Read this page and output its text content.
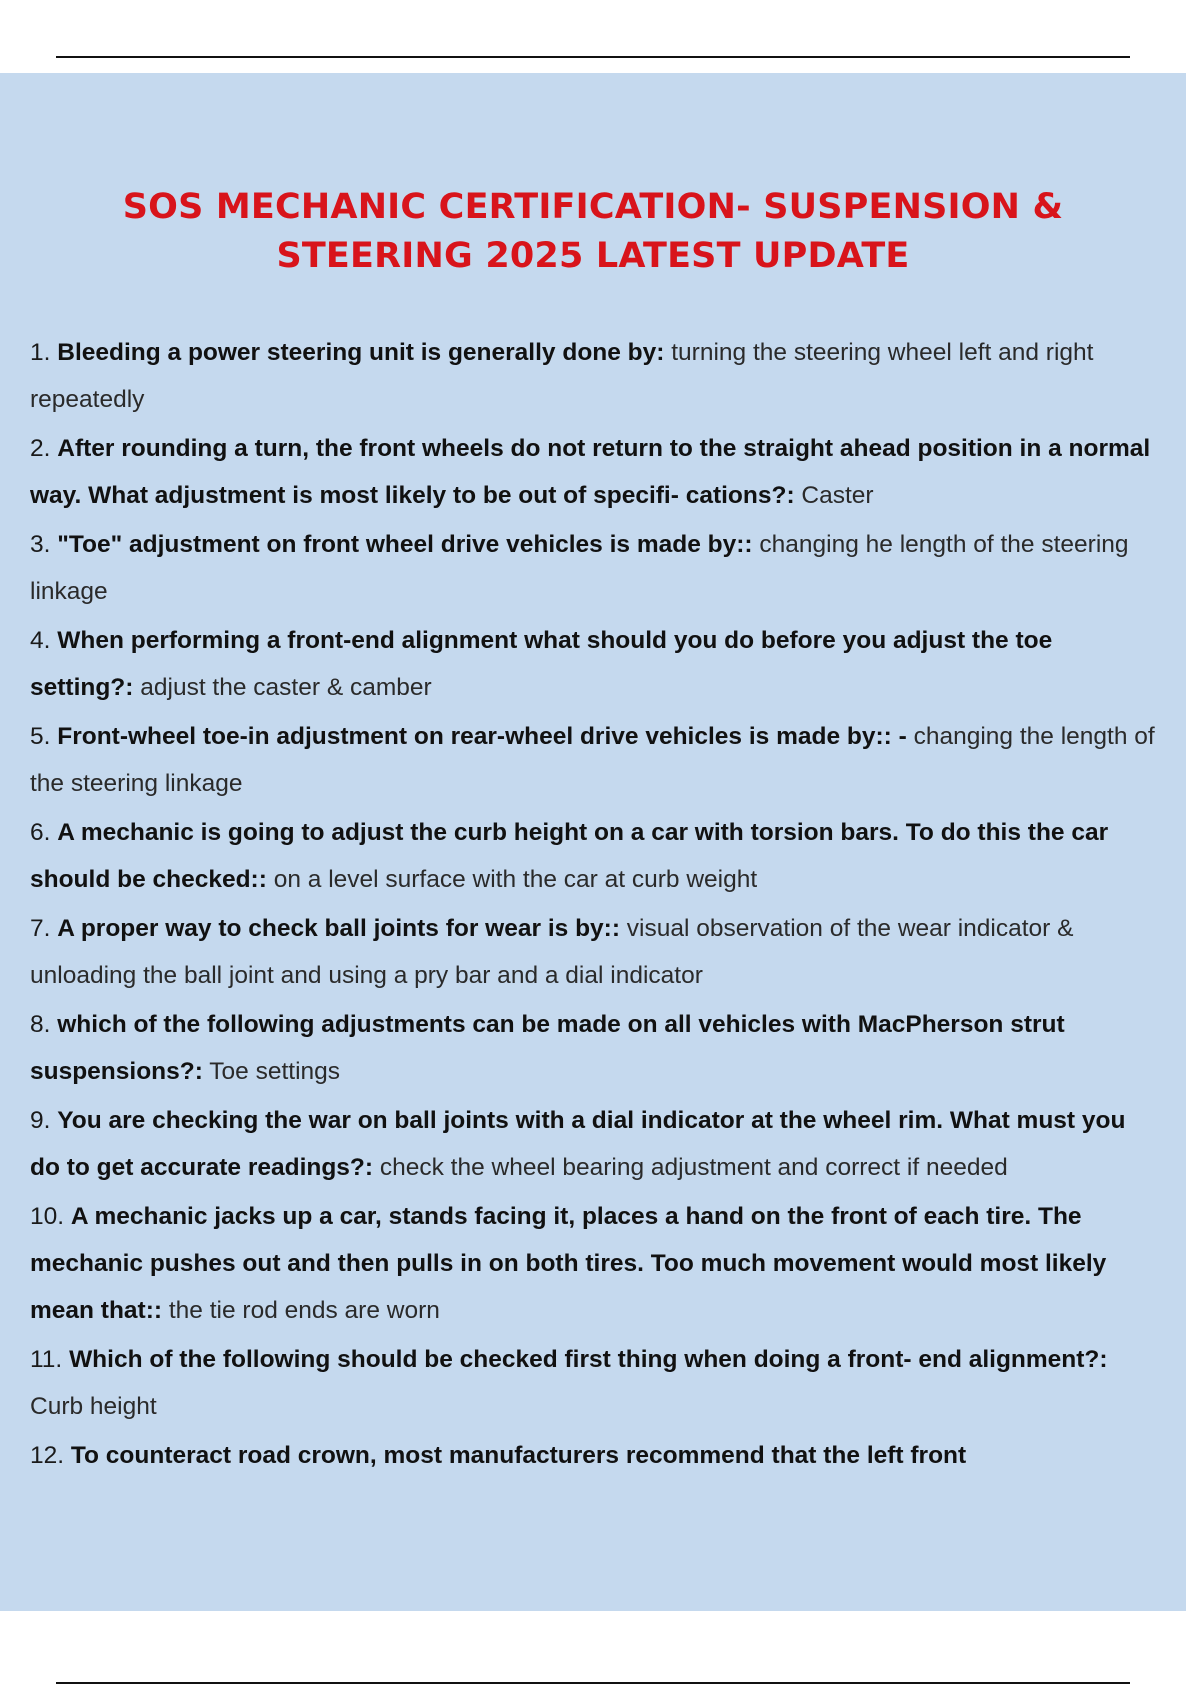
SOS MECHANIC CERTIFICATION- SUSPENSION &
STEERING 2025 LATEST UPDATE
1. Bleeding a power steering unit is generally done by: turning the steering wheel left and right repeatedly
2. After rounding a turn, the front wheels do not return to the straight ahead position in a normal way. What adjustment is most likely to be out of specifi- cations?: Caster
3. "Toe" adjustment on front wheel drive vehicles is made by:: changing he length of the steering linkage
4. When performing a front-end alignment what should you do before you adjust the toe setting?: adjust the caster & camber
5. Front-wheel toe-in adjustment on rear-wheel drive vehicles is made by:: - changing the length of the steering linkage
6. A mechanic is going to adjust the curb height on a car with torsion bars. To do this the car should be checked:: on a level surface with the car at curb weight
7. A proper way to check ball joints for wear is by:: visual observation of the wear indicator & unloading the ball joint and using a pry bar and a dial indicator
8. which of the following adjustments can be made on all vehicles with MacPherson strut suspensions?: Toe settings
9. You are checking the war on ball joints with a dial indicator at the wheel rim. What must you do to get accurate readings?: check the wheel bearing adjustment and correct if needed
10. A mechanic jacks up a car, stands facing it, places a hand on the front of each tire. The mechanic pushes out and then pulls in on both tires. Too much movement would most likely mean that:: the tie rod ends are worn
11. Which of the following should be checked first thing when doing a front- end alignment?: Curb height
12. To counteract road crown, most manufacturers recommend that the left front
